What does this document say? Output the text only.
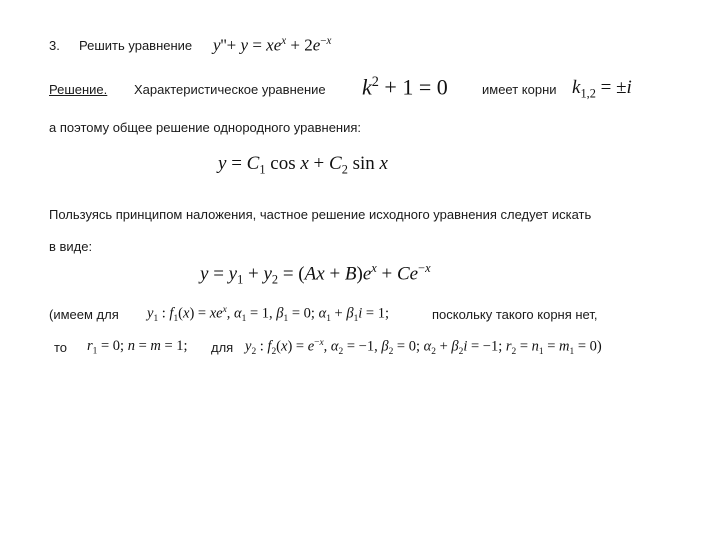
3. Решить уравнение $y''+ y = xe^x + 2e^{-x}$
Решение. Характеристическое уравнение $k^2 + 1 = 0$	имеет корни $k_{1,2} = \pm i$
а поэтому общее решение однородного уравнения:
$y = C_1$ $\cos x + C_2$ sin x
Пользуясь принципом наложения, частное решение исходного уравнения следует искать
в виде:
$y = y_1 + y_2 = (Ax + B)e^x + Ce^{-x}$
(имеем для $y_1$ : $f_1(x) = xe^x$, $\alpha_1 = 1$, $\beta_1 = 0$; $\alpha_1 + \beta_1i = 1$;	поскольку такого корня нет,
то $r_1 = 0$; n = m = 1; для $y_2$ : $f_2(x) = e^{-x}$, $\alpha_2 = -1$, $\beta_2 = 0$; $\alpha_2 + \beta_2i = -1$; $r_2 = n_1 = m_1 = 0$)
